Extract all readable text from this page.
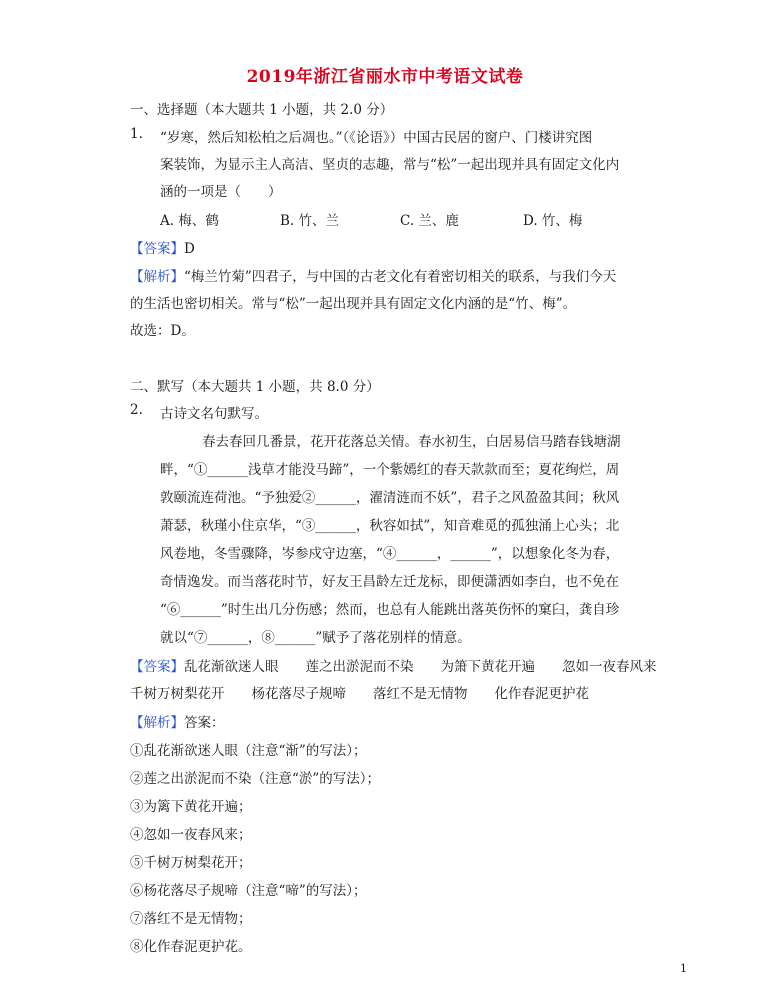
2019年浙江省丽水市中考语文试卷
一、选择题（本大题共 1 小题，共 2.0 分）
1. “岁寒，然后知松柏之后凋也。”（《论语》）中国古民居的窗户、门楼讲究图
案装饰，为显示主人高洁、坚贞的志趣，常与“松”一起出现并具有固定文化内
涵的一项是（　　）
A. 梅、鹤	B. 竹、兰	C. 兰、鹿	D. 竹、梅
【答案】D
【解析】“梅兰竹菊”四君子，与中国的古老文化有着密切相关的联系，与我们今天
的生活也密切相关。常与“松”一起出现并具有固定文化内涵的是“竹、梅”。
故选：D。
二、默写（本大题共 1 小题，共 8.0 分）
2. 古诗文名句默写。
春去春回几番景，花开花落总关情。春水初生，白居易信马踏春钱塘湖
畔，“①______浅草才能没马蹄”，一个紫嫣红的春天款款而至；夏花绚烂，周
敦颐流连荷池。“予独爱②______，濯清涟而不妖”，君子之风盈盈其间；秋风
萧瑟，秋瑾小住京华，“③______，秋容如拭”，知音难觅的孤独涌上心头；北
风卷地，冬雪骤降，岑参戍守边塞，“④______，______”，以想象化冬为春，
奇情逸发。而当落花时节，好友王昌龄左迁龙标，即便潇洒如李白，也不免在
“⑥______”时生出几分伤感；然而，也总有人能跳出落英伤怀的窠臼，龚自珍
就以“⑦______，⑧______”赋予了落花别样的情意。
【答案】乱花渐欲迷人眼　　莲之出淤泥而不染　　为箫下黄花开遍　　忽如一夜春风来
千树万树梨花开　　杨花落尽子规啼　　落红不是无情物　　化作春泥更护花
【解析】答案：
①乱花渐欲迷人眼（注意“渐”的写法）；
②莲之出淤泥而不染（注意“淤”的写法）；
③为篱下黄花开遍；
④忽如一夜春风来；
⑤千树万树梨花开；
⑥杨花落尽子规啼（注意“啼”的写法）；
⑦落红不是无情物；
⑧化作春泥更护花。
1
